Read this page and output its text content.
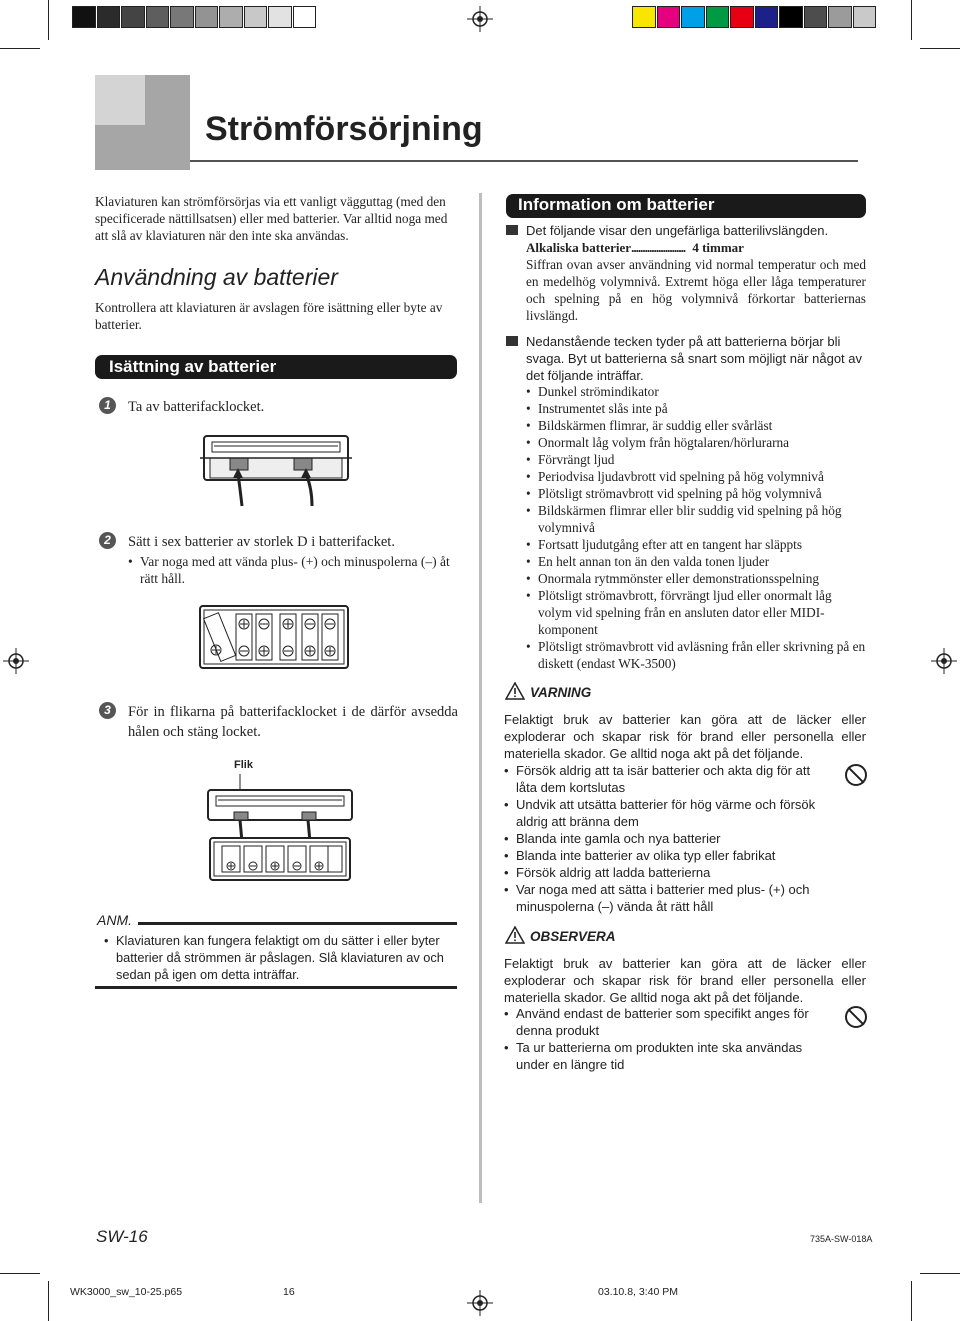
Strömförsörjning
Klaviaturen kan strömförsörjas via ett vanligt vägguttag (med den specificerade nättillsatsen) eller med batterier. Var alltid noga med att slå av klaviaturen när den inte ska användas.
Användning av batterier
Kontrollera att klaviaturen är avslagen före isättning eller byte av batterier.
Isättning av batterier
1	Ta av batterifacklocket.
2	Sätt i sex batterier av storlek D i batterifacket.
• Var noga med att vända plus- (+) och minuspolerna (–) åt rätt håll.
3	För in flikarna på batterifacklocket i de därför avsedda hålen och stäng locket.
Flik
ANM.
• Klaviaturen kan fungera felaktigt om du sätter i eller byter batterier då strömmen är påslagen. Slå klaviaturen av och sedan på igen om detta inträffar.
Information om batterier
Det följande visar den ungefärliga batterilivslängden.
Alkaliska batterier........................ 4 timmar
Siffran ovan avser användning vid normal temperatur och med en medelhög volymnivå. Extremt höga eller låga temperaturer och spelning på en hög volymnivå förkortar batteriernas livslängd.
Nedanstående tecken tyder på att batterierna börjar bli svaga. Byt ut batterierna så snart som möjligt när något av det följande inträffar.
• Dunkel strömindikator
• Instrumentet slås inte på
• Bildskärmen flimrar, är suddig eller svårläst
• Onormalt låg volym från högtalaren/hörlurarna
• Förvrängt ljud
• Periodvisa ljudavbrott vid spelning på hög volymnivå
• Plötsligt strömavbrott vid spelning på hög volymnivå
• Bildskärmen flimrar eller blir suddig vid spelning på hög volymnivå
• Fortsatt ljudutgång efter att en tangent har släppts
• En helt annan ton än den valda tonen ljuder
• Onormala rytmmönster eller demonstrationsspelning
• Plötsligt strömavbrott, förvrängt ljud eller onormalt låg volym vid spelning från en ansluten dator eller MIDI-komponent
• Plötsligt strömavbrott vid avläsning från eller skrivning på en diskett (endast WK-3500)
VARNING
Felaktigt bruk av batterier kan göra att de läcker eller exploderar och skapar risk för brand eller personella eller materiella skador. Ge alltid noga akt på det följande.
• Försök aldrig att ta isär batterier och akta dig för att låta dem kortslutas
• Undvik att utsätta batterier för hög värme och försök aldrig att bränna dem
• Blanda inte gamla och nya batterier
• Blanda inte batterier av olika typ eller fabrikat
• Försök aldrig att ladda batterierna
• Var noga med att sätta i batterier med plus- (+) och minuspolerna (–) vända åt rätt håll
OBSERVERA
Felaktigt bruk av batterier kan göra att de läcker eller exploderar och skapar risk för brand eller personella eller materiella skador. Ge alltid noga akt på det följande.
• Använd endast de batterier som specifikt anges för denna produkt
• Ta ur batterierna om produkten inte ska användas under en längre tid
SW-16	735A-SW-018A
WK3000_sw_10-25.p65	16	03.10.8, 3:40 PM
